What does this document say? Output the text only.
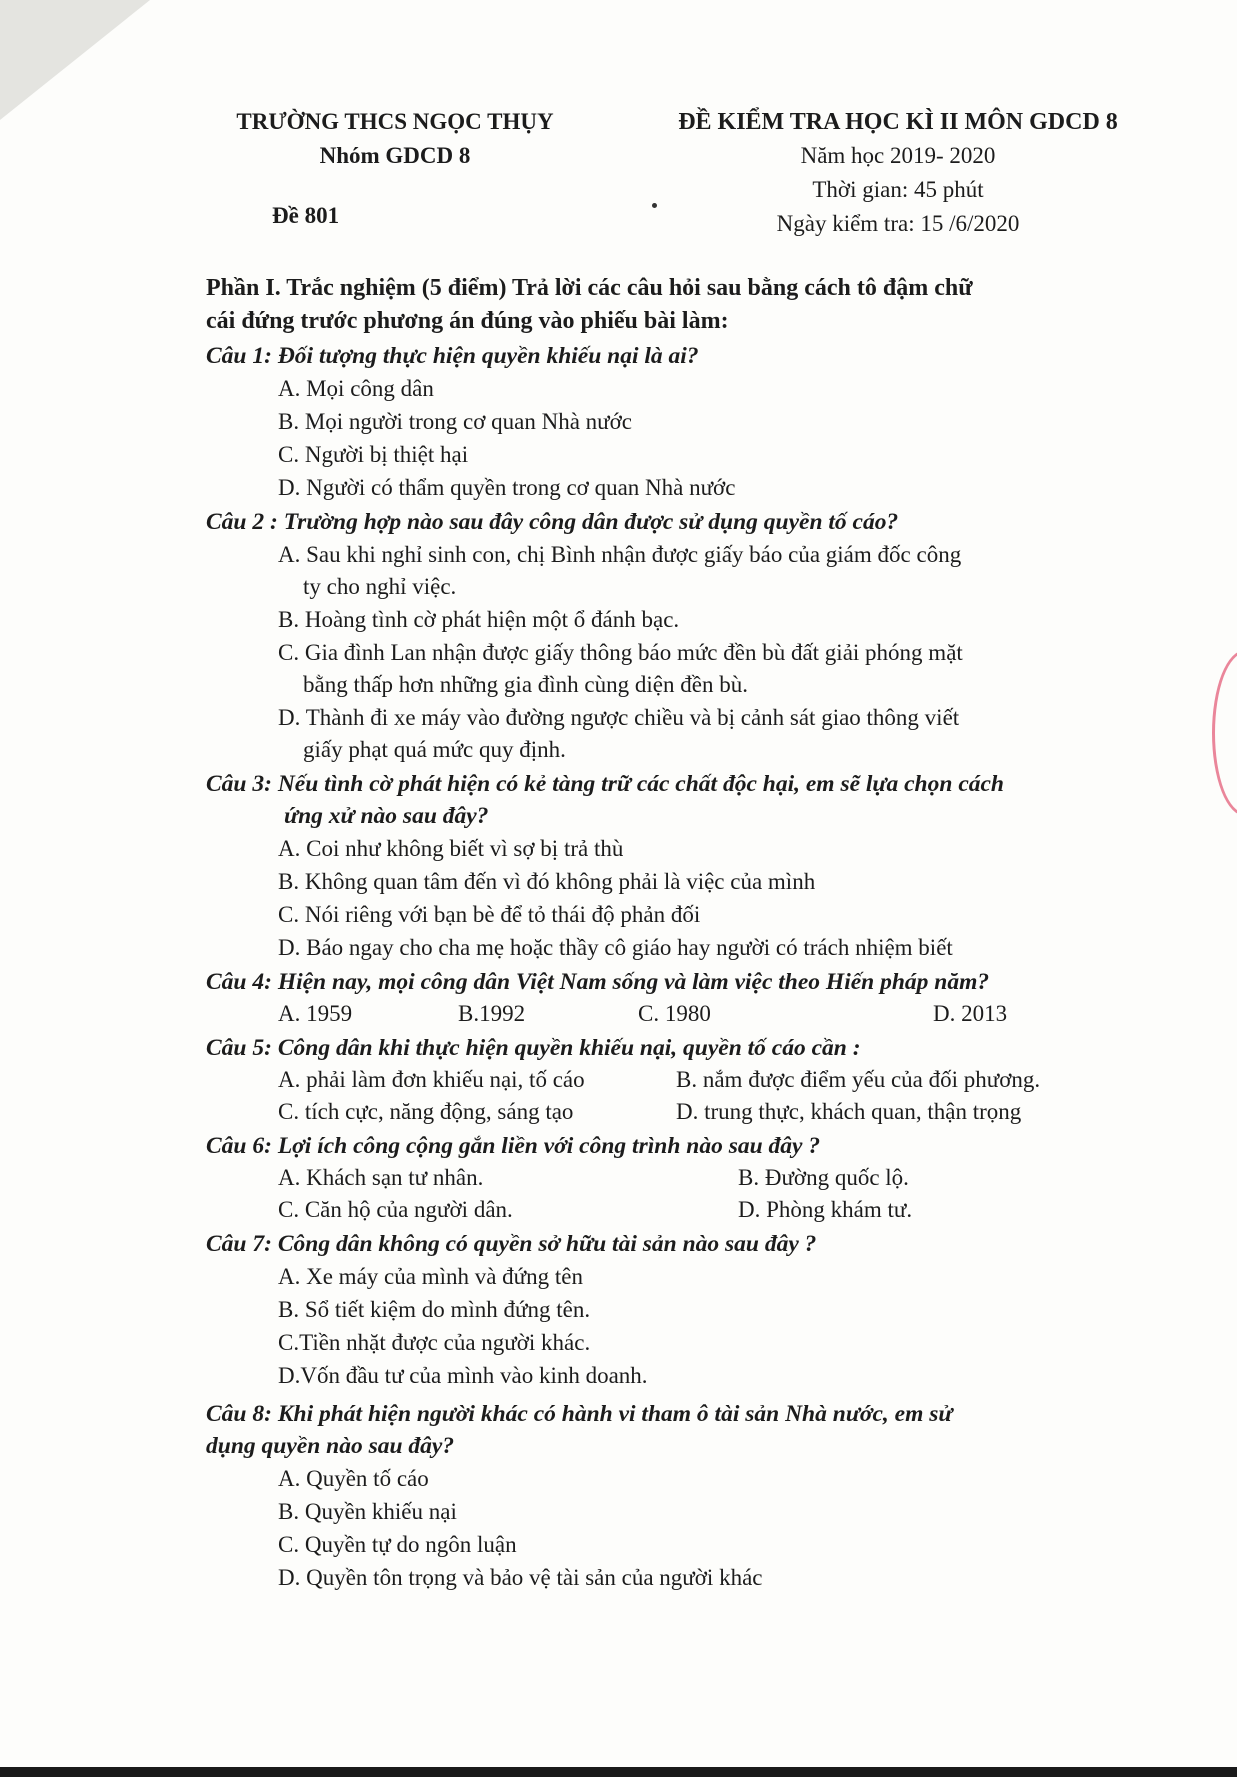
TRƯỜNG THCS NGỌC THỤY
Nhóm GDCD 8
Đề 801
ĐỀ KIỂM TRA HỌC KÌ II MÔN GDCD 8
Năm học 2019- 2020
Thời gian: 45 phút
Ngày kiểm tra: 15 /6/2020
Phần I. Trắc nghiệm (5 điểm) Trả lời các câu hỏi sau bằng cách tô đậm chữ
cái đứng trước phương án đúng vào phiếu bài làm:
Câu 1: Đối tượng thực hiện quyền khiếu nại là ai?
A. Mọi công dân
B. Mọi người trong cơ quan Nhà nước
C. Người bị thiệt hại
D. Người có thẩm quyền trong cơ quan Nhà nước
Câu 2 : Trường hợp nào sau đây công dân được sử dụng quyền tố cáo?
A. Sau khi nghỉ sinh con, chị Bình nhận được giấy báo của giám đốc công
ty cho nghỉ việc.
B. Hoàng tình cờ phát hiện một ổ đánh bạc.
C. Gia đình Lan nhận được giấy thông báo mức đền bù đất giải phóng mặt
bằng thấp hơn những gia đình cùng diện đền bù.
D. Thành đi xe máy vào đường ngược chiều và bị cảnh sát giao thông viết
giấy phạt quá mức quy định.
Câu 3: Nếu tình cờ phát hiện có kẻ tàng trữ các chất độc hại, em sẽ lựa chọn cách
ứng xử nào sau đây?
A. Coi như không biết vì sợ bị trả thù
B. Không quan tâm đến vì đó không phải là việc của mình
C. Nói riêng với bạn bè để tỏ thái độ phản đối
D. Báo ngay cho cha mẹ hoặc thầy cô giáo hay người có trách nhiệm biết
Câu 4: Hiện nay, mọi công dân Việt Nam sống và làm việc theo Hiến pháp năm?
A. 1959	B.1992	C. 1980	D. 2013
Câu 5: Công dân khi thực hiện quyền khiếu nại, quyền tố cáo cần :
A. phải làm đơn khiếu nại, tố cáo	B. nắm được điểm yếu của đối phương.
C. tích cực, năng động, sáng tạo	D. trung thực, khách quan, thận trọng
Câu 6: Lợi ích công cộng gắn liền với công trình nào sau đây ?
A. Khách sạn tư nhân.	B. Đường quốc lộ.
C. Căn hộ của người dân.	D. Phòng khám tư.
Câu 7: Công dân không có quyền sở hữu tài sản nào sau đây ?
A. Xe máy của mình và đứng tên
B. Sổ tiết kiệm do mình đứng tên.
C.Tiền nhặt được của người khác.
D.Vốn đầu tư của mình vào kinh doanh.
Câu 8: Khi phát hiện người khác có hành vi tham ô tài sản Nhà nước, em sử
dụng quyền nào sau đây?
A. Quyền tố cáo
B. Quyền khiếu nại
C. Quyền tự do ngôn luận
D. Quyền tôn trọng và bảo vệ tài sản của người khác
